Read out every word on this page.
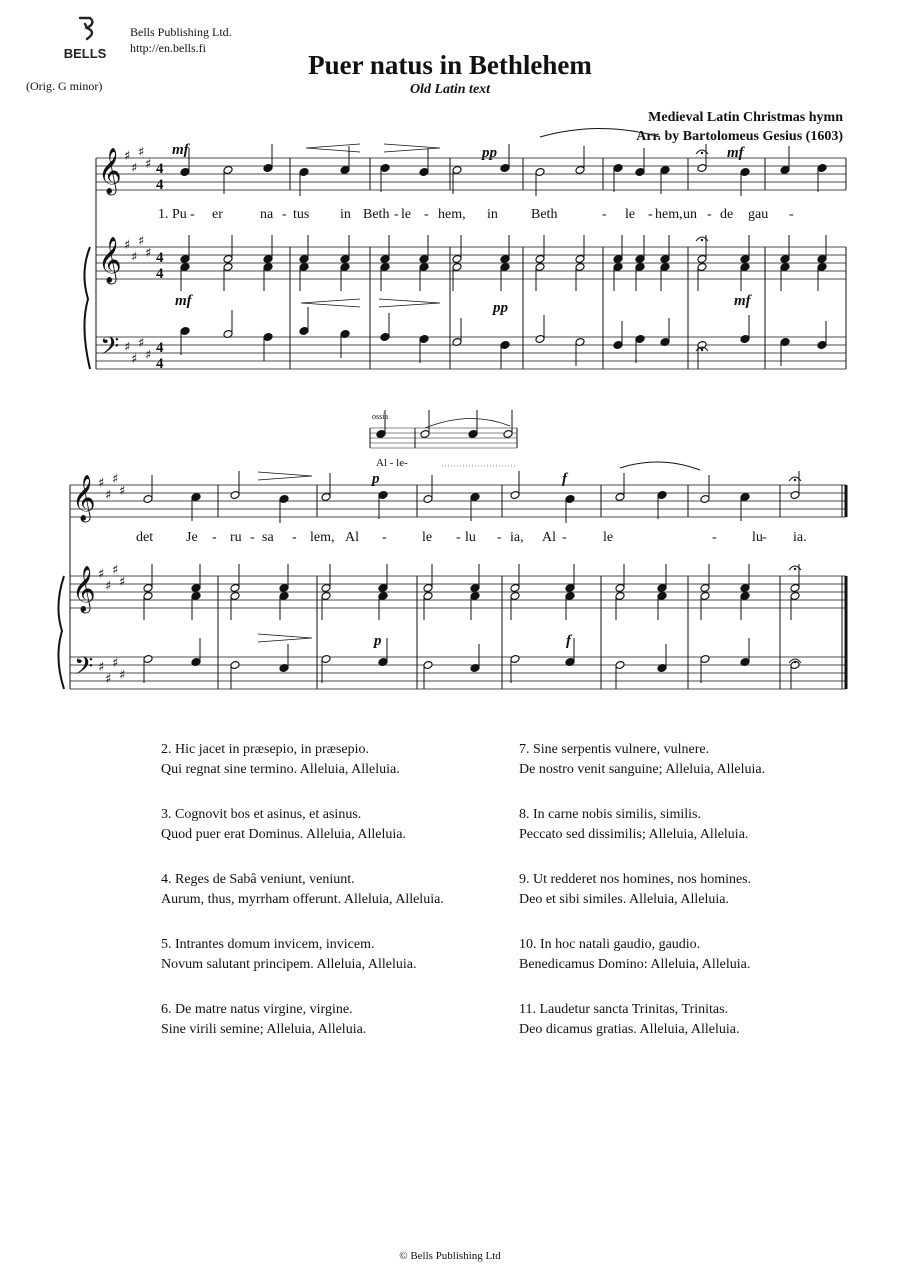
BELLS
Bells Publishing Ltd.
http://en.bells.fi
(Orig. G minor)
Puer natus in Bethlehem
Old Latin text
Medieval Latin Christmas hymn
Arr. by Bartolomeus Gesius (1603)
𝄞
𝄞
𝄢
♯
♯
♯
♯
♯
♯
♯
♯
♯
♯
♯
♯
4
4
4
4
4
4
mf	pp	mf
mf	pp	mf
1. Pu - er	na - tus in Beth - le - hem, in Beth	- le - hem, un - de gau -
ossia
Al - le-
𝄞
𝄞
𝄢
♯
♯
♯
♯
♯
♯
♯
♯
♯
♯
♯
♯
p	f
p	f
det Je - ru - sa - lem, Al -	le - lu - ia, Al -	le	-	lu - ia.
2. Hic jacet in præsepio, in præsepio.
Qui regnat sine termino. Alleluia, Alleluia.
3. Cognovit bos et asinus, et asinus.
Quod puer erat Dominus. Alleluia, Alleluia.
4. Reges de Sabâ veniunt, veniunt.
Aurum, thus, myrrham offerunt. Alleluia, Alleluia.
5. Intrantes domum invicem, invicem.
Novum salutant principem. Alleluia, Alleluia.
6. De matre natus virgine, virgine.
Sine virili semine; Alleluia, Alleluia.
7. Sine serpentis vulnere, vulnere.
De nostro venit sanguine; Alleluia, Alleluia.
8. In carne nobis similis, similis.
Peccato sed dissimilis; Alleluia, Alleluia.
9. Ut redderet nos homines, nos homines.
Deo et sibi similes. Alleluia, Alleluia.
10. In hoc natali gaudio, gaudio.
Benedicamus Domino: Alleluia, Alleluia.
11. Laudetur sancta Trinitas, Trinitas.
Deo dicamus gratias. Alleluia, Alleluia.
© Bells Publishing Ltd
